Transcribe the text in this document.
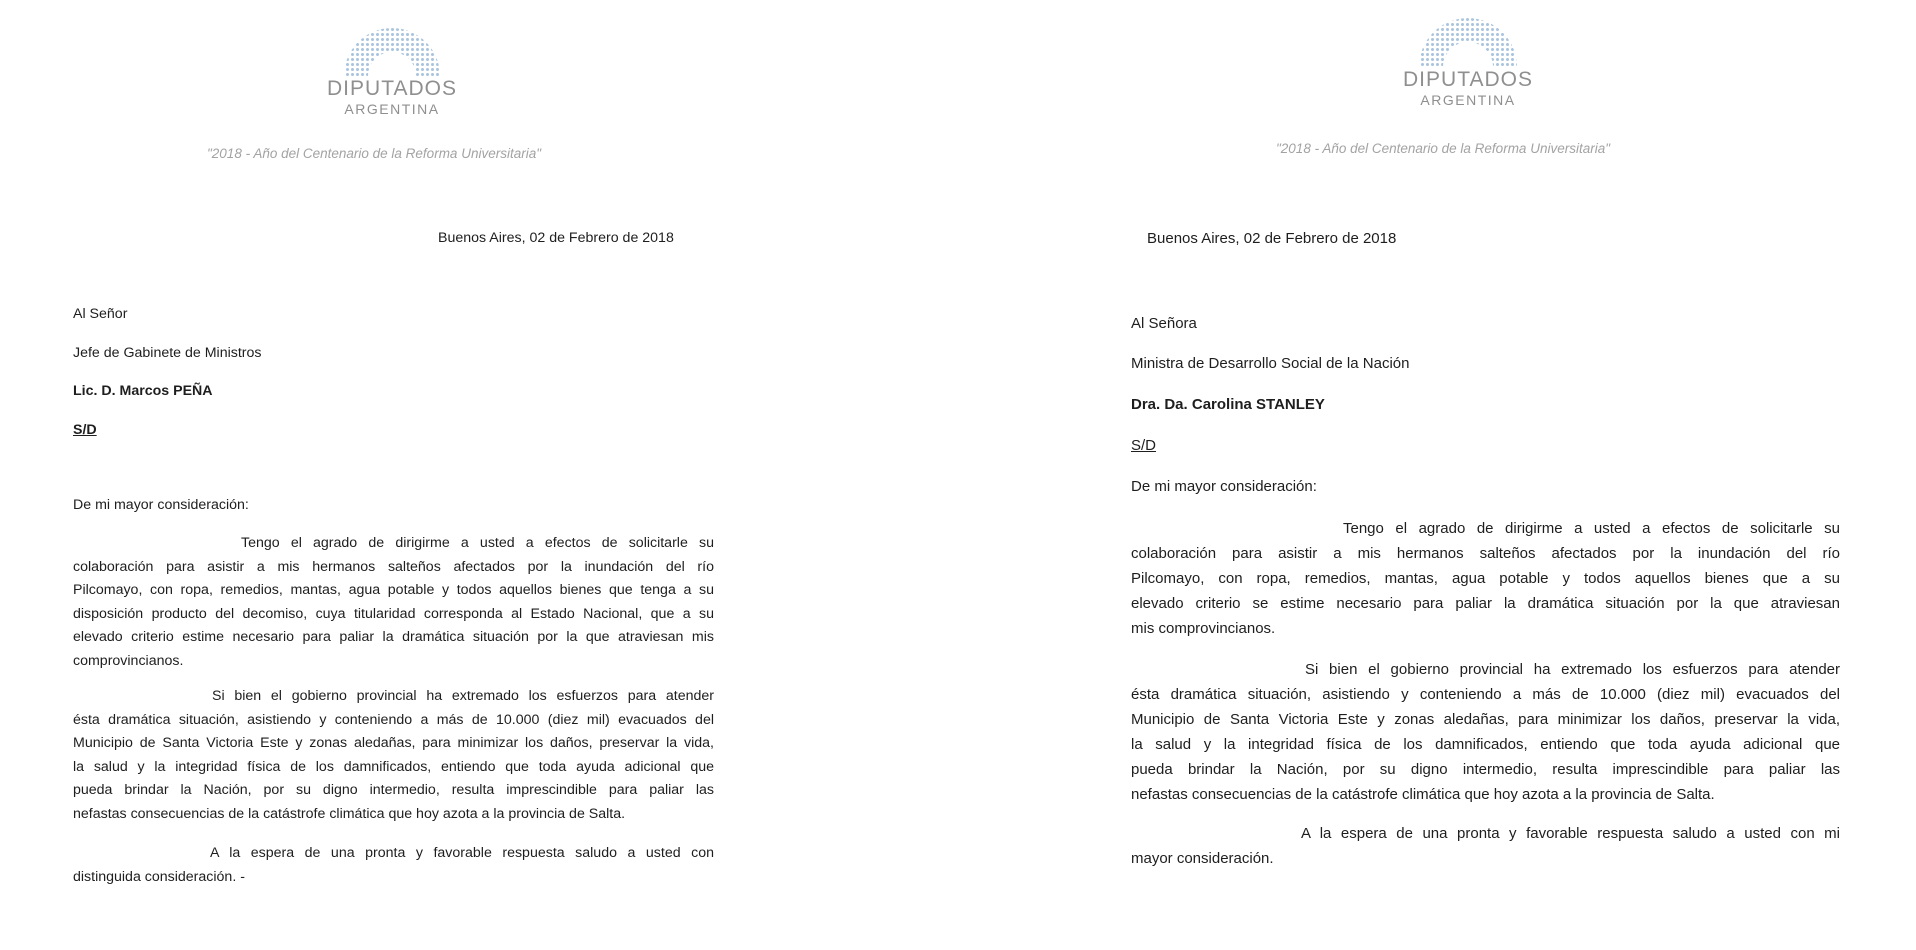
DIPUTADOS
ARGENTINA
"2018 - Año del Centenario de la Reforma Universitaria"
Buenos Aires, 02 de Febrero de 2018
Al Señor
Jefe de Gabinete de Ministros
Lic. D. Marcos PEÑA
S/D
De mi mayor consideración:
Tengo el agrado de dirigirme a usted a efectos de solicitarle su
colaboración para asistir a mis hermanos salteños afectados por la inundación del río
Pilcomayo, con ropa, remedios, mantas, agua potable y todos aquellos bienes que tenga a su
disposición producto del decomiso, cuya titularidad corresponda al Estado Nacional, que a su
elevado criterio estime necesario para paliar la dramática situación por la que atraviesan mis
comprovincianos.
Si bien el gobierno provincial ha extremado los esfuerzos para atender
ésta dramática situación, asistiendo y conteniendo a más de 10.000 (diez mil) evacuados del
Municipio de Santa Victoria Este y zonas aledañas, para minimizar los daños, preservar la vida,
la salud y la integridad física de los damnificados, entiendo que toda ayuda adicional que
pueda brindar la Nación, por su digno intermedio, resulta imprescindible para paliar las
nefastas consecuencias de la catástrofe climática que hoy azota a la provincia de Salta.
A la espera de una pronta y favorable respuesta saludo a usted con
distinguida consideración. -
DIPUTADOS
ARGENTINA
"2018 - Año del Centenario de la Reforma Universitaria"
Buenos Aires, 02 de Febrero de 2018
Al Señora
Ministra de Desarrollo Social de la Nación
Dra. Da. Carolina STANLEY
S/D
De mi mayor consideración:
Tengo el agrado de dirigirme a usted a efectos de solicitarle su
colaboración para asistir a mis hermanos salteños afectados por la inundación del río
Pilcomayo, con ropa, remedios, mantas, agua potable y todos aquellos bienes que a su
elevado criterio se estime necesario para paliar la dramática situación por la que atraviesan
mis comprovincianos.
Si bien el gobierno provincial ha extremado los esfuerzos para atender
ésta dramática situación, asistiendo y conteniendo a más de 10.000 (diez mil) evacuados del
Municipio de Santa Victoria Este y zonas aledañas, para minimizar los daños, preservar la vida,
la salud y la integridad física de los damnificados, entiendo que toda ayuda adicional que
pueda brindar la Nación, por su digno intermedio, resulta imprescindible para paliar las
nefastas consecuencias de la catástrofe climática que hoy azota a la provincia de Salta.
A la espera de una pronta y favorable respuesta saludo a usted con mi
mayor consideración.
